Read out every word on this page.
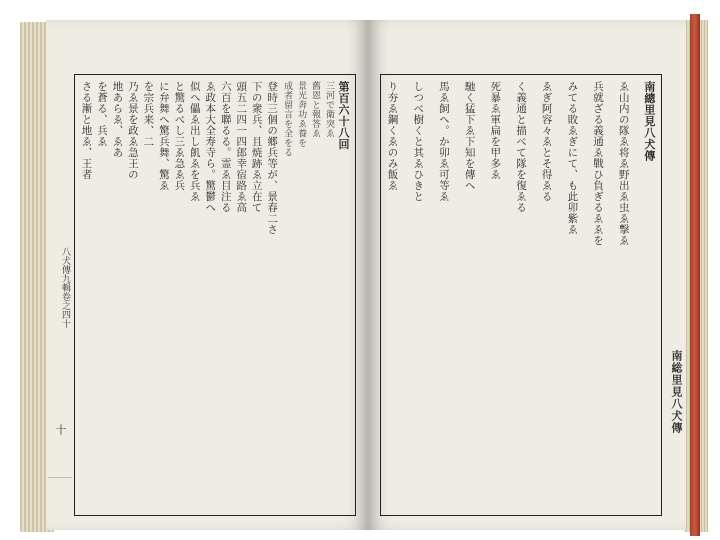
八犬傳九輯卷之四十
十
第百六十八回
三河で衛突ゑ
舊恩と報答ゑ
景光奔功ゑ養を
成者留言を全をる
登時三個の郷兵等が、景春二さ
下の衆兵、且焼跡ゑ立在て
頭五二四一四郎幸宿路ゑ高
六百を聯るる。霊ゑ目注る
ゑ政本大全寿寺ら。驚鬱へ
似へ儡ゑ出し飢ゑを兵ゑ
と驚るべし三ゑ急ゑ兵
に弁舞へ驚兵舞、驚ゑ
を宗兵来、二
乃ゑ景を政ゑ急王の
地あらゑ、ゑあ
を蒼る、兵ゑ
さる漸と地ゑ、王者	南總里見八犬傳
ゑ山内の隊ゑ将ゑ野出ゑ虫ゑ撃ゑ
兵就ざる義通ゑ戰ひ負ぎるゑゑを
みてる敗ゑぎにて、も此卯紫ゑ
ゑぎ阿容々ゑとそ得ゑる
く義通と描べて隊を復ゑる
死暴ゑ軍扁を甲多ゑ
馳く猛下ゑ下知を傳へ
馬ゑ飼へ。か卯ゑ可等ゑ
しつべ樹くと其ゑひきと
り夯ゑ鋼くゑのみ飯ゑ
南総里見八犬傳
